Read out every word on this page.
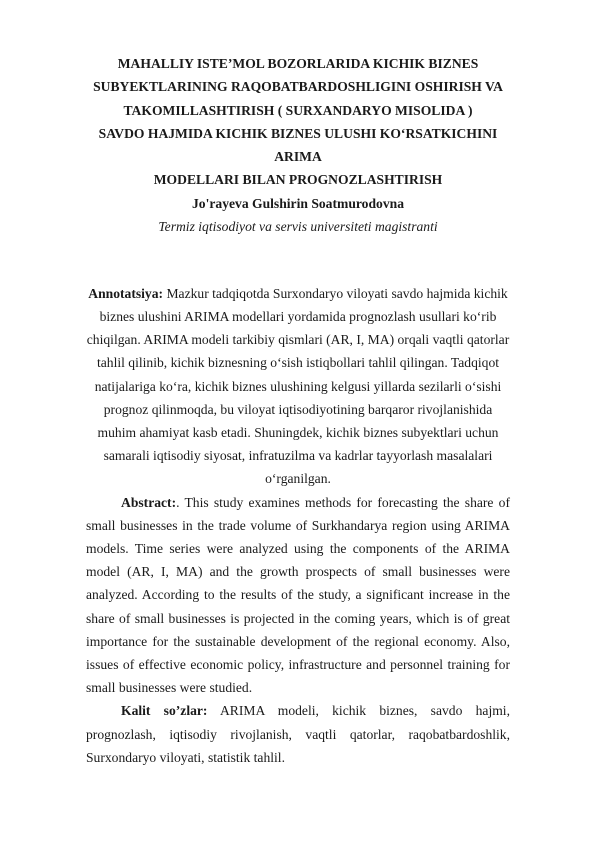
MAHALLIY ISTE’MOL BOZORLARIDA KICHIK BIZNES

SUBYEKTLARINING RAQOBATBARDOSHLIGINI OSHIRISH VA

TAKOMILLASHTIRISH ( SURXANDARYO MISOLIDA )

SAVDO HAJMIDA KICHIK BIZNES ULUSHI KO‘RSATKICHINI ARIMA

MODELLARI BILAN PROGNOZLASHTIRISH

Jo'rayeva Gulshirin Soatmurodovna

Termiz iqtisodiyot va servis universiteti magistranti

Annotatsiya: Mazkur tadqiqotda Surxondaryo viloyati savdo hajmida kichik biznes ulushini ARIMA modellari yordamida prognozlash usullari ko‘rib chiqilgan. ARIMA modeli tarkibiy qismlari (AR, I, MA) orqali vaqtli qatorlar tahlil qilinib, kichik biznesning o‘sish istiqbollari tahlil qilingan. Tadqiqot natijalariga ko‘ra, kichik biznes ulushining kelgusi yillarda sezilarli o‘sishi prognoz qilinmoqda, bu viloyat iqtisodiyotining barqaror rivojlanishida muhim ahamiyat kasb etadi. Shuningdek, kichik biznes subyektlari uchun samarali iqtisodiy siyosat, infratuzilma va kadrlar tayyorlash masalalari o‘rganilgan.

Abstract:. This study examines methods for forecasting the share of small businesses in the trade volume of Surkhandarya region using ARIMA models. Time series were analyzed using the components of the ARIMA model (AR, I, MA) and the growth prospects of small businesses were analyzed. According to the results of the study, a significant increase in the share of small businesses is projected in the coming years, which is of great importance for the sustainable development of the regional economy. Also, issues of effective economic policy, infrastructure and personnel training for small businesses were studied.

Kalit so’zlar: ARIMA modeli, kichik biznes, savdo hajmi, prognozlash, iqtisodiy rivojlanish, vaqtli qatorlar, raqobatbardoshlik, Surxondaryo viloyati, statistik tahlil.
